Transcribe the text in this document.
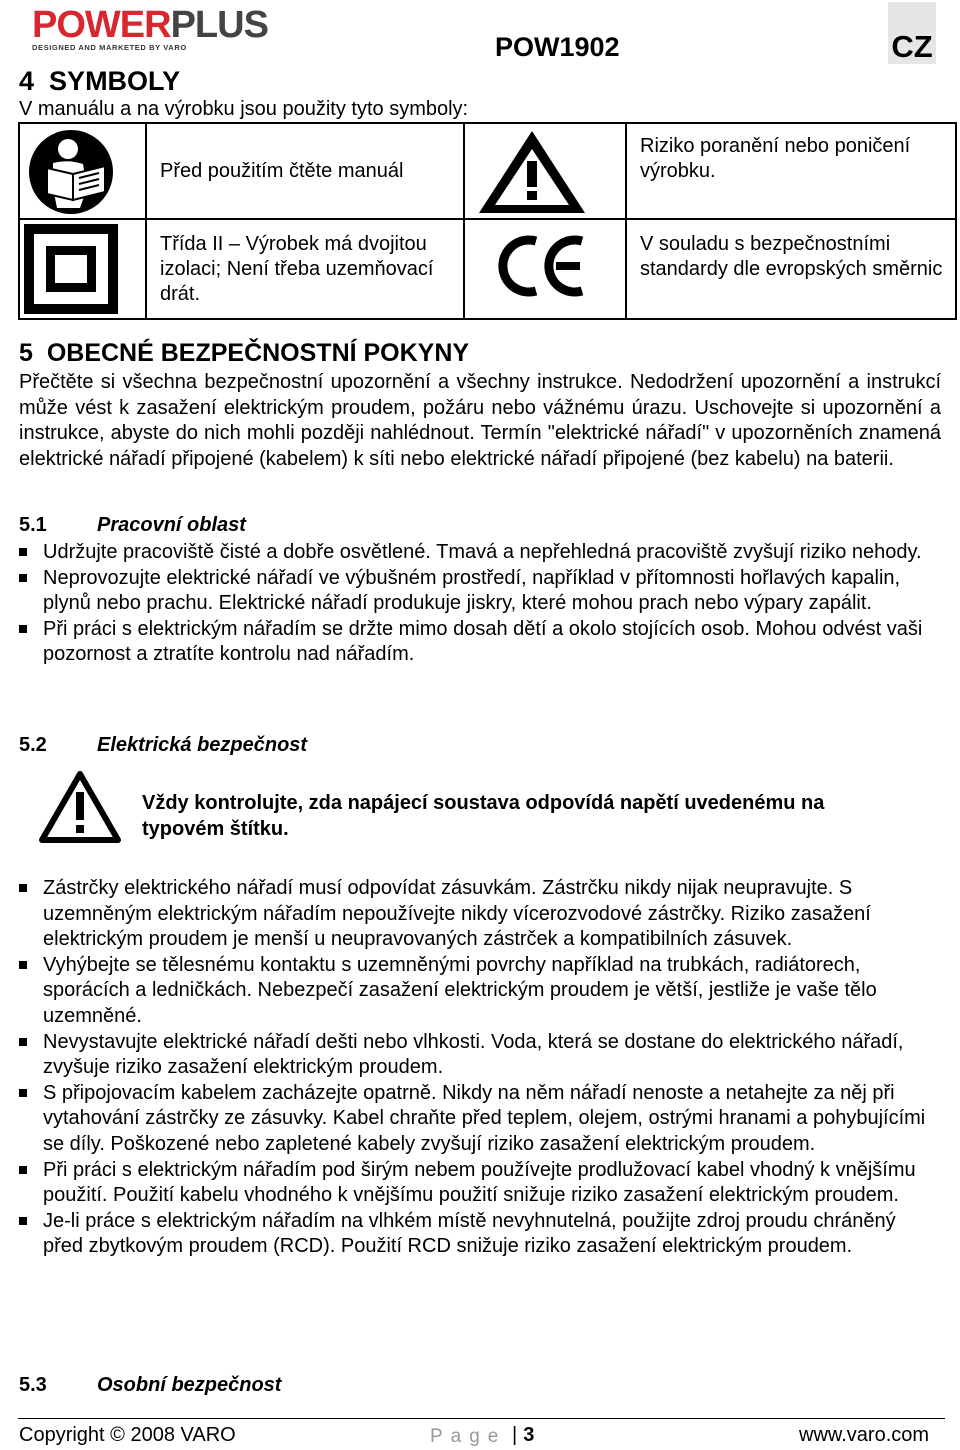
POWERPLUS
DESIGNED AND MARKETED BY VARO	POW1902	CZ
4 SYMBOLY
V manuálu a na výrobku jsou použity tyto symboly:
Před použitím čtěte manuál
Riziko poranění nebo poničení výrobku.
Třída II – Výrobek má dvojitou izolaci; Není třeba uzemňovací drát.
V souladu s bezpečnostními standardy dle evropských směrnic
5 OBECNÉ BEZPEČNOSTNÍ POKYNY
Přečtěte si všechna bezpečnostní upozornění a všechny instrukce. Nedodržení upozornění a instrukcí může vést k zasažení elektrickým proudem, požáru nebo vážnému úrazu. Uschovejte si upozornění a instrukce, abyste do nich mohli později nahlédnout. Termín "elektrické nářadí" v upozorněních znamená elektrické nářadí připojené (kabelem) k síti nebo elektrické nářadí připojené (bez kabelu) na baterii.
5.1	Pracovní oblast
Udržujte pracoviště čisté a dobře osvětlené. Tmavá a nepřehledná pracoviště zvyšují riziko nehody.
Neprovozujte elektrické nářadí ve výbušném prostředí, například v přítomnosti hořlavých kapalin, plynů nebo prachu. Elektrické nářadí produkuje jiskry, které mohou prach nebo výpary zapálit.
Při práci s elektrickým nářadím se držte mimo dosah dětí a okolo stojících osob. Mohou odvést vaši pozornost a ztratíte kontrolu nad nářadím.
5.2	Elektrická bezpečnost
Vždy kontrolujte, zda napájecí soustava odpovídá napětí uvedenému na typovém štítku.
Zástrčky elektrického nářadí musí odpovídat zásuvkám. Zástrčku nikdy nijak neupravujte. S uzemněným elektrickým nářadím nepoužívejte nikdy vícerozvodové zástrčky. Riziko zasažení elektrickým proudem je menší u neupravovaných zástrček a kompatibilních zásuvek.
Vyhýbejte se tělesnému kontaktu s uzemněnými povrchy například na trubkách, radiátorech, sporácích a ledničkách. Nebezpečí zasažení elektrickým proudem je větší, jestliže je vaše tělo uzemněné.
Nevystavujte elektrické nářadí dešti nebo vlhkosti. Voda, která se dostane do elektrického nářadí, zvyšuje riziko zasažení elektrickým proudem.
S připojovacím kabelem zacházejte opatrně. Nikdy na něm nářadí nenoste a netahejte za něj při vytahování zástrčky ze zásuvky. Kabel chraňte před teplem, olejem, ostrými hranami a pohybujícími se díly. Poškozené nebo zapletené kabely zvyšují riziko zasažení elektrickým proudem.
Při práci s elektrickým nářadím pod širým nebem používejte prodlužovací kabel vhodný k vnějšímu použití. Použití kabelu vhodného k vnějšímu použití snižuje riziko zasažení elektrickým proudem.
Je-li práce s elektrickým nářadím na vlhkém místě nevyhnutelná, použijte zdroj proudu chráněný před zbytkovým proudem (RCD). Použití RCD snižuje riziko zasažení elektrickým proudem.
5.3	Osobní bezpečnost
Copyright © 2008 VARO	Page
| 3	www.varo.com
